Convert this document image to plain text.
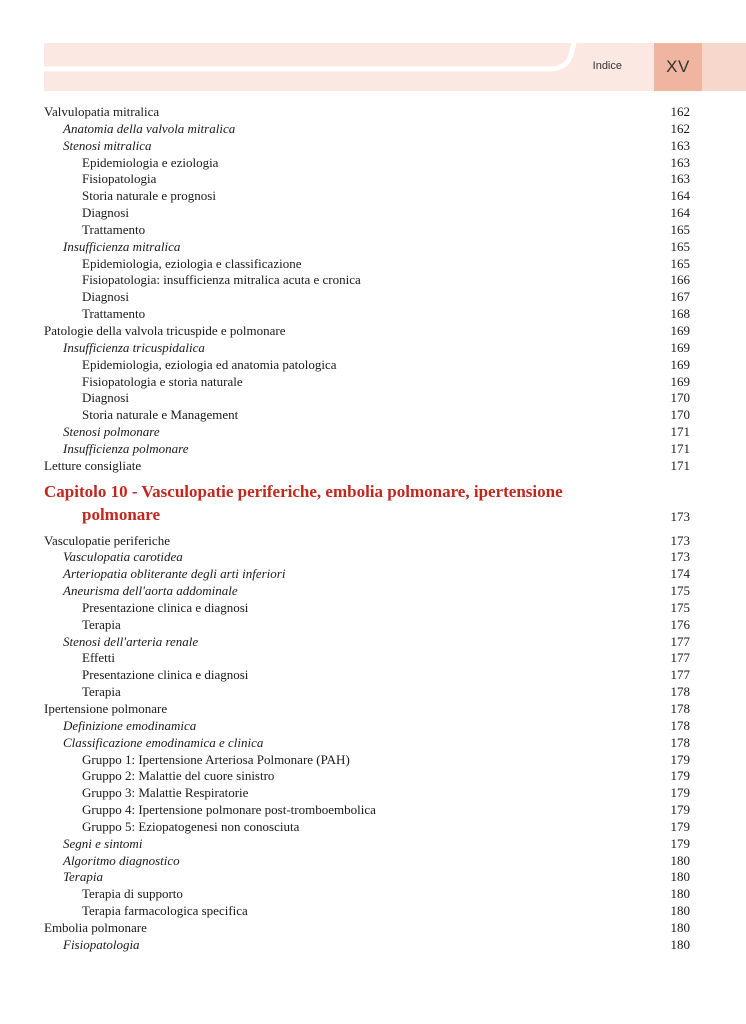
Indice	XV
Valvulopatia mitralica	162
Anatomia della valvola mitralica	162
Stenosi mitralica	163
Epidemiologia e eziologia	163
Fisiopatologia	163
Storia naturale e prognosi	164
Diagnosi	164
Trattamento	165
Insufficienza mitralica	165
Epidemiologia, eziologia e classificazione	165
Fisiopatologia: insufficienza mitralica acuta e cronica	166
Diagnosi	167
Trattamento	168
Patologie della valvola tricuspide e polmonare	169
Insufficienza tricuspidalica	169
Epidemiologia, eziologia ed anatomia patologica	169
Fisiopatologia e storia naturale	169
Diagnosi	170
Storia naturale e Management	170
Stenosi polmonare	171
Insufficienza polmonare	171
Letture consigliate	171
Capitolo 10 - Vasculopatie periferiche, embolia polmonare, ipertensione
polmonare	173
Vasculopatie periferiche	173
Vasculopatia carotidea	173
Arteriopatia obliterante degli arti inferiori	174
Aneurisma dell'aorta addominale	175
Presentazione clinica e diagnosi	175
Terapia	176
Stenosi dell'arteria renale	177
Effetti	177
Presentazione clinica e diagnosi	177
Terapia	178
Ipertensione polmonare	178
Definizione emodinamica	178
Classificazione emodinamica e clinica	178
Gruppo 1: Ipertensione Arteriosa Polmonare (PAH)	179
Gruppo 2: Malattie del cuore sinistro	179
Gruppo 3: Malattie Respiratorie	179
Gruppo 4: Ipertensione polmonare post-tromboembolica	179
Gruppo 5: Eziopatogenesi non conosciuta	179
Segni e sintomi	179
Algoritmo diagnostico	180
Terapia	180
Terapia di supporto	180
Terapia farmacologica specifica	180
Embolia polmonare	180
Fisiopatologia	180
